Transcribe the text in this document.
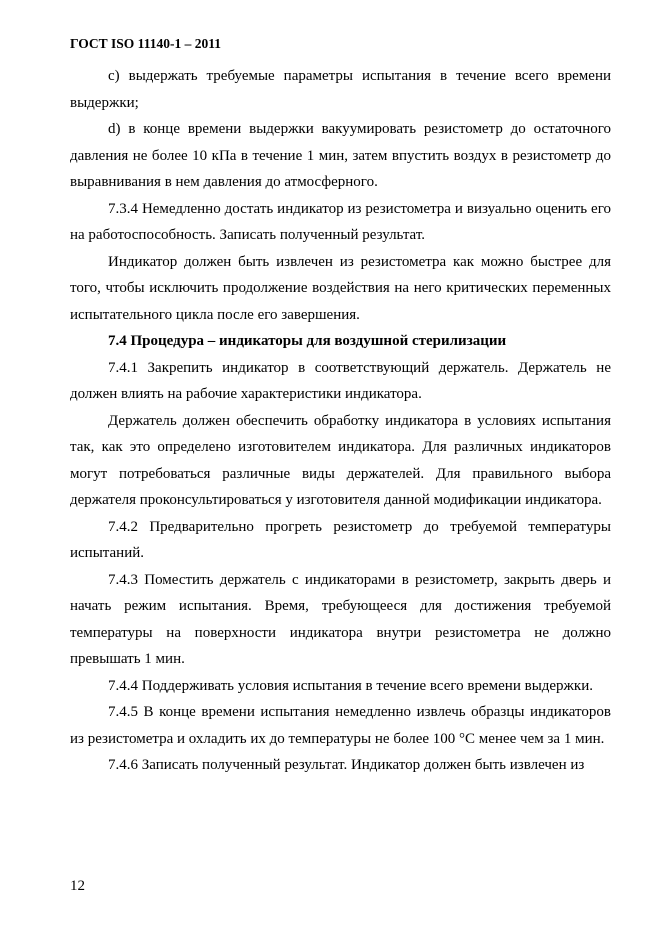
ГОСТ ISO 11140-1 – 2011

c) выдержать требуемые параметры испытания в течение всего времени выдержки;

d) в конце времени выдержки вакуумировать резистометр до остаточного давления не более 10 кПа в течение 1 мин, затем впустить воздух в резистометр до выравнивания в нем давления до атмосферного.

7.3.4 Немедленно достать индикатор из резистометра и визуально оценить его на работоспособность. Записать полученный результат.

Индикатор должен быть извлечен из резистометра как можно быстрее для того, чтобы исключить продолжение воздействия на него критических переменных испытательного цикла после его завершения.

7.4 Процедура – индикаторы для воздушной стерилизации

7.4.1 Закрепить индикатор в соответствующий держатель. Держатель не должен влиять на рабочие характеристики индикатора.

Держатель должен обеспечить обработку индикатора в условиях испытания так, как это определено изготовителем индикатора. Для различных индикаторов могут потребоваться различные виды держателей. Для правильного выбора держателя проконсультироваться у изготовителя данной модификации индикатора.

7.4.2 Предварительно прогреть резистометр до требуемой температуры испытаний.

7.4.3 Поместить держатель с индикаторами в резистометр, закрыть дверь и начать режим испытания. Время, требующееся для достижения требуемой температуры на поверхности индикатора внутри резистометра не должно превышать 1 мин.

7.4.4 Поддерживать условия испытания в течение всего времени выдержки.

7.4.5 В конце времени испытания немедленно извлечь образцы индикаторов из резистометра и охладить их до температуры не более 100 °С менее чем за 1 мин.

7.4.6 Записать полученный результат. Индикатор должен быть извлечен из

12
